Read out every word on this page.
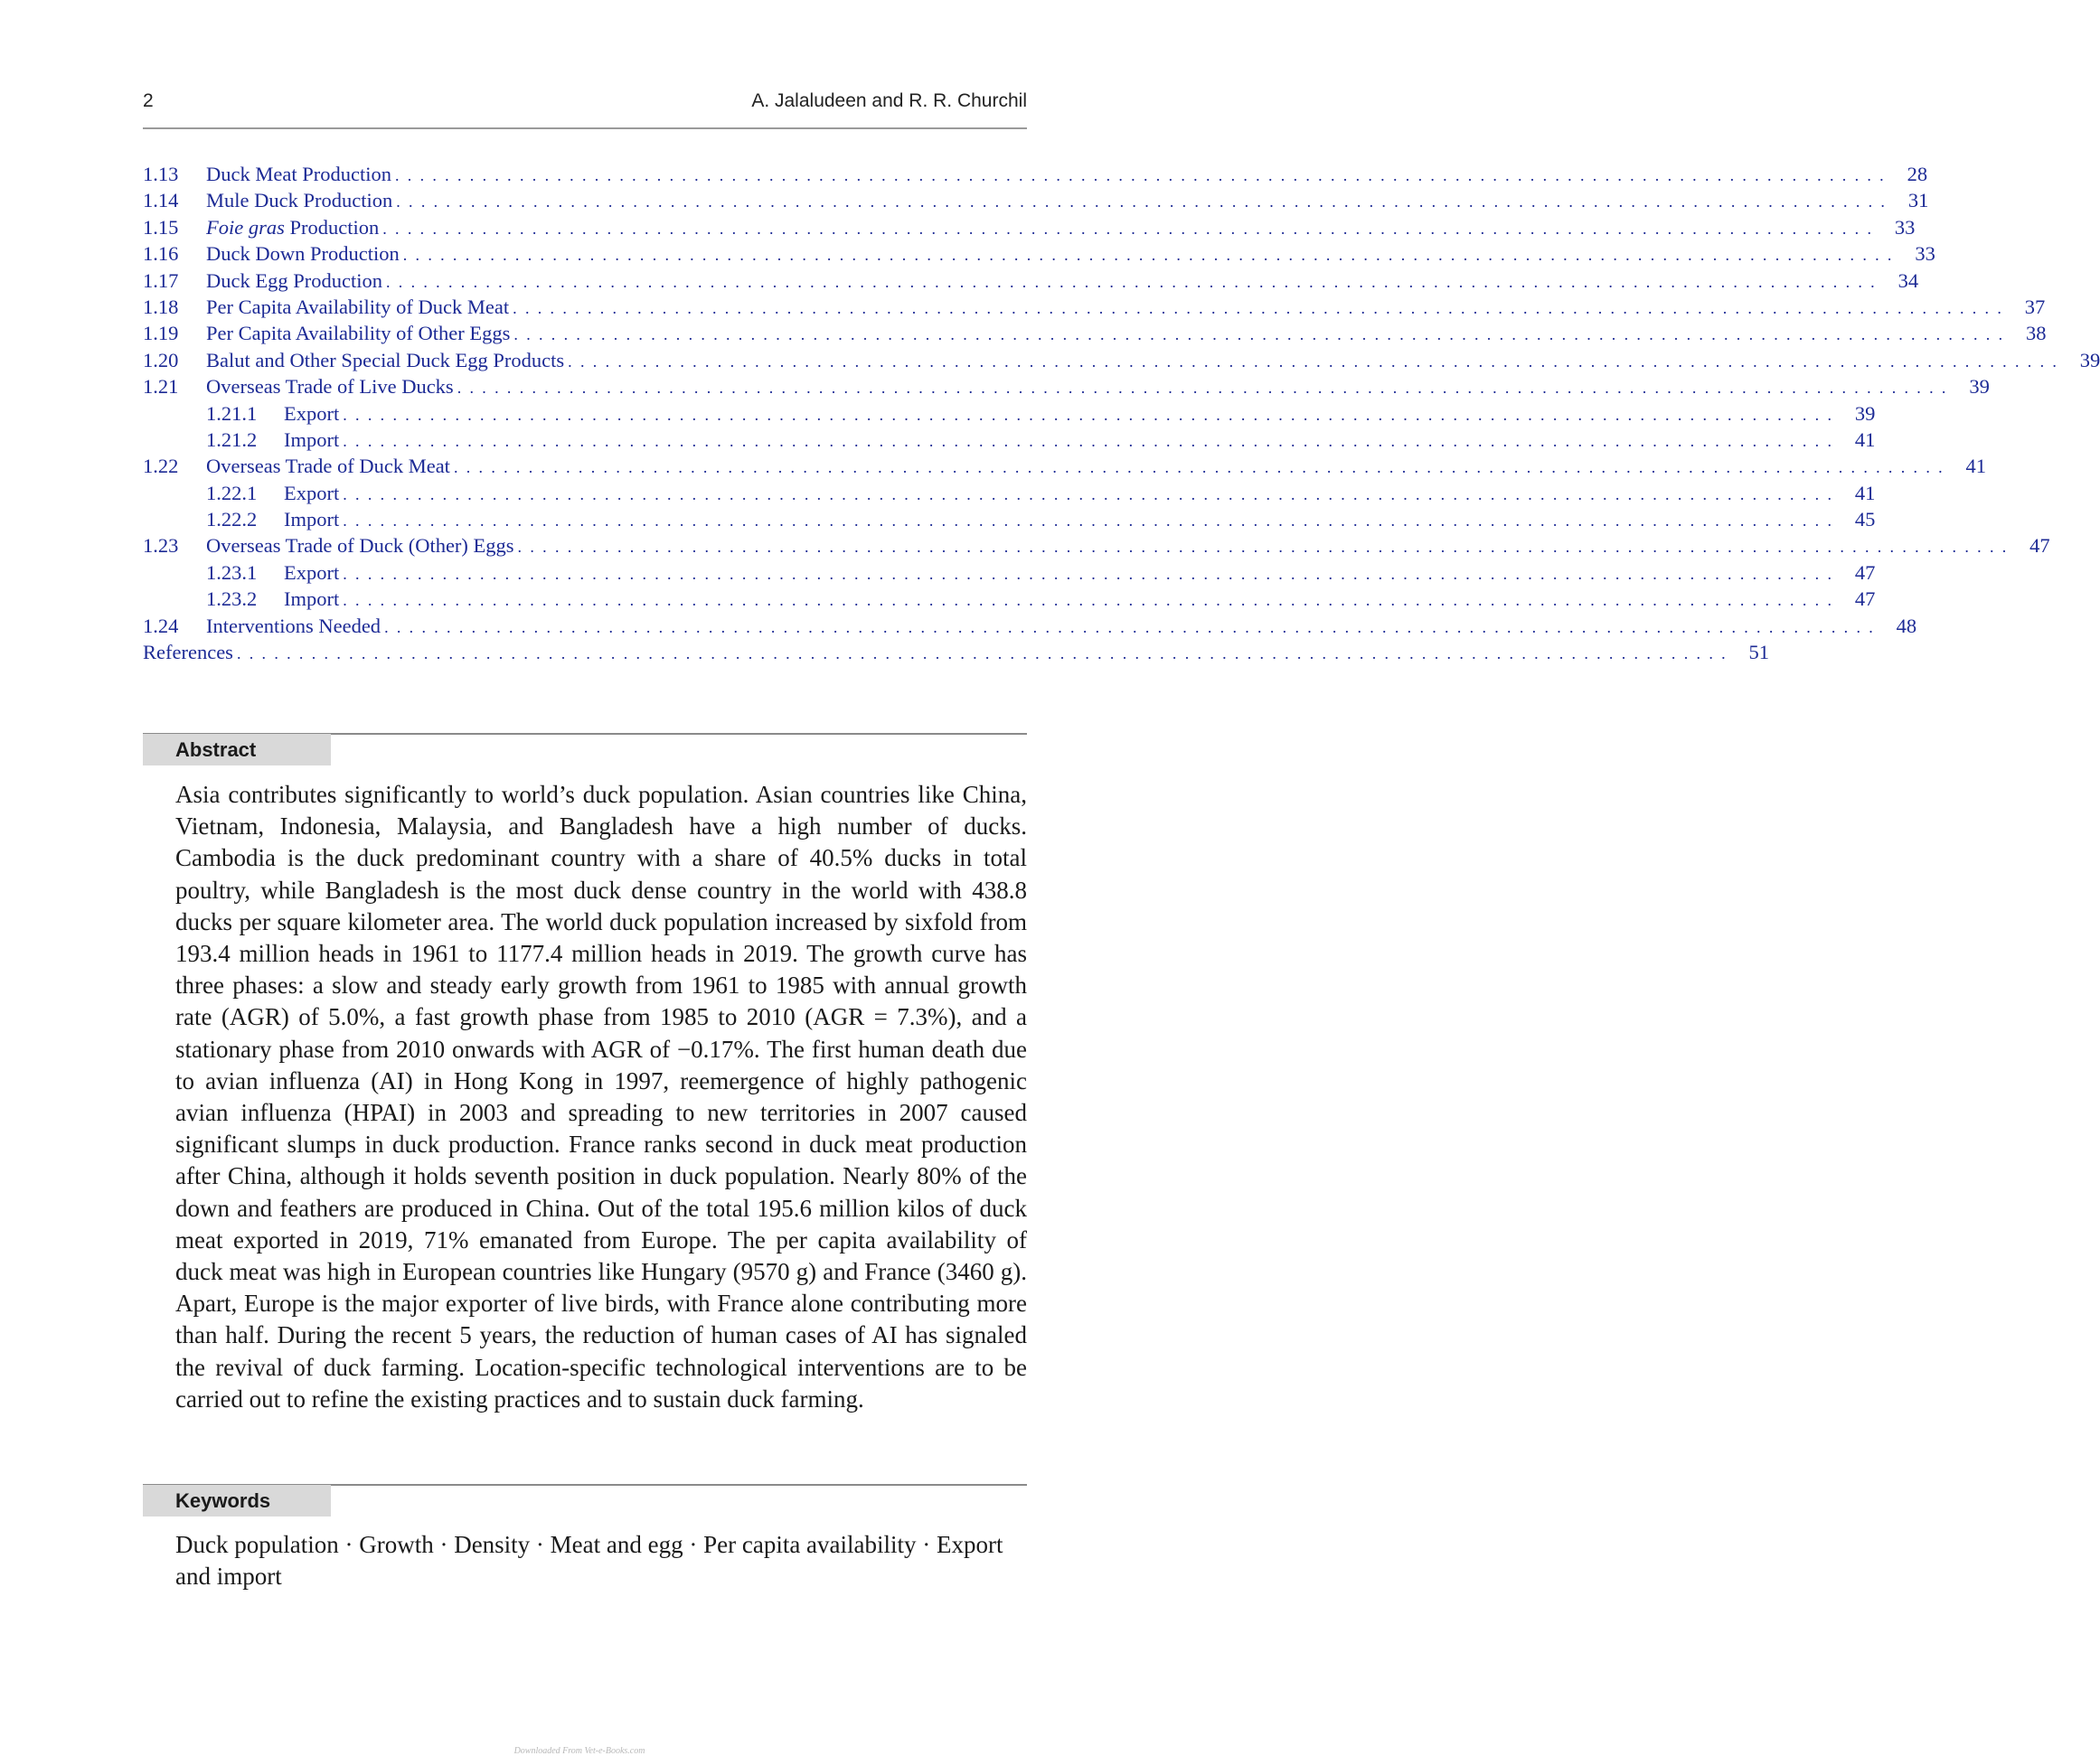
2	A. Jalaludeen and R. R. Churchil
1.13	Duck Meat Production . . . . . . . . . . . . . . . . . . . . . . . . . . . . . . . . . . . . . . . . . . . . . . . . . . . . . . . . . . . . . . . . . . . . . . . . . . . . . . . . . . . . . . . . . . . . . . . . . . . . . . . . . . . . . . . . . . . . . . . .	28
1.14	Mule Duck Production . . . . . . . . . . . . . . . . . . . . . . . . . . . . . . . . . . . . . . . . . . . . . . . . . . . . . . . . . . . . . . . . . . . . . . . . . . . . . . . . . . . . . . . . . . . . . . . . . . . . . . . . . . . . . . . . . . . . . . . .	31
1.15	Foie gras Production . . . . . . . . . . . . . . . . . . . . . . . . . . . . . . . . . . . . . . . . . . . . . . . . . . . . . . . . . . . . . . . . . . . . . . . . . . . . . . . . . . . . . . . . . . . . . . . . . . . . . . . . . . . . . . . . . . . . . . . .	33
1.16	Duck Down Production . . . . . . . . . . . . . . . . . . . . . . . . . . . . . . . . . . . . . . . . . . . . . . . . . . . . . . . . . . . . . . . . . . . . . . . . . . . . . . . . . . . . . . . . . . . . . . . . . . . . . . . . . . . . . . . . . . . . . . . .	33
1.17	Duck Egg Production . . . . . . . . . . . . . . . . . . . . . . . . . . . . . . . . . . . . . . . . . . . . . . . . . . . . . . . . . . . . . . . . . . . . . . . . . . . . . . . . . . . . . . . . . . . . . . . . . . . . . . . . . . . . . . . . . . . . . . . .	34
1.18	Per Capita Availability of Duck Meat . . . . . . . . . . . . . . . . . . . . . . . . . . . . . . . . . . . . . . . . . . . . . . . . . . . . . . . . . . . . . . . . . . . . . . . . . . . . . . . . . . . . . . . . . . . . . . . . . . . . . . . . . . . . . . . . . . . . . . . .	37
1.19	Per Capita Availability of Other Eggs . . . . . . . . . . . . . . . . . . . . . . . . . . . . . . . . . . . . . . . . . . . . . . . . . . . . . . . . . . . . . . . . . . . . . . . . . . . . . . . . . . . . . . . . . . . . . . . . . . . . . . . . . . . . . . . . . . . . . . . .	38
1.20	Balut and Other Special Duck Egg Products . . . . . . . . . . . . . . . . . . . . . . . . . . . . . . . . . . . . . . . . . . . . . . . . . . . . . . . . . . . . . . . . . . . . . . . . . . . . . . . . . . . . . . . . . . . . . . . . . . . . . . . . . . . . . . . . . . . . . . . .	39
1.21	Overseas Trade of Live Ducks . . . . . . . . . . . . . . . . . . . . . . . . . . . . . . . . . . . . . . . . . . . . . . . . . . . . . . . . . . . . . . . . . . . . . . . . . . . . . . . . . . . . . . . . . . . . . . . . . . . . . . . . . . . . . . . . . . . . . . . .	39
1.21.1	Export . . . . . . . . . . . . . . . . . . . . . . . . . . . . . . . . . . . . . . . . . . . . . . . . . . . . . . . . . . . . . . . . . . . . . . . . . . . . . . . . . . . . . . . . . . . . . . . . . . . . . . . . . . . . . . . . . . . . . . . .	39
1.21.2	Import . . . . . . . . . . . . . . . . . . . . . . . . . . . . . . . . . . . . . . . . . . . . . . . . . . . . . . . . . . . . . . . . . . . . . . . . . . . . . . . . . . . . . . . . . . . . . . . . . . . . . . . . . . . . . . . . . . . . . . . .	41
1.22	Overseas Trade of Duck Meat . . . . . . . . . . . . . . . . . . . . . . . . . . . . . . . . . . . . . . . . . . . . . . . . . . . . . . . . . . . . . . . . . . . . . . . . . . . . . . . . . . . . . . . . . . . . . . . . . . . . . . . . . . . . . . . . . . . . . . . .	41
1.22.1	Export . . . . . . . . . . . . . . . . . . . . . . . . . . . . . . . . . . . . . . . . . . . . . . . . . . . . . . . . . . . . . . . . . . . . . . . . . . . . . . . . . . . . . . . . . . . . . . . . . . . . . . . . . . . . . . . . . . . . . . . .	41
1.22.2	Import . . . . . . . . . . . . . . . . . . . . . . . . . . . . . . . . . . . . . . . . . . . . . . . . . . . . . . . . . . . . . . . . . . . . . . . . . . . . . . . . . . . . . . . . . . . . . . . . . . . . . . . . . . . . . . . . . . . . . . . .	45
1.23	Overseas Trade of Duck (Other) Eggs . . . . . . . . . . . . . . . . . . . . . . . . . . . . . . . . . . . . . . . . . . . . . . . . . . . . . . . . . . . . . . . . . . . . . . . . . . . . . . . . . . . . . . . . . . . . . . . . . . . . . . . . . . . . . . . . . . . . . . . .	47
1.23.1	Export . . . . . . . . . . . . . . . . . . . . . . . . . . . . . . . . . . . . . . . . . . . . . . . . . . . . . . . . . . . . . . . . . . . . . . . . . . . . . . . . . . . . . . . . . . . . . . . . . . . . . . . . . . . . . . . . . . . . . . . .	47
1.23.2	Import . . . . . . . . . . . . . . . . . . . . . . . . . . . . . . . . . . . . . . . . . . . . . . . . . . . . . . . . . . . . . . . . . . . . . . . . . . . . . . . . . . . . . . . . . . . . . . . . . . . . . . . . . . . . . . . . . . . . . . . .	47
1.24	Interventions Needed . . . . . . . . . . . . . . . . . . . . . . . . . . . . . . . . . . . . . . . . . . . . . . . . . . . . . . . . . . . . . . . . . . . . . . . . . . . . . . . . . . . . . . . . . . . . . . . . . . . . . . . . . . . . . . . . . . . . . . . .	48
References . . . . . . . . . . . . . . . . . . . . . . . . . . . . . . . . . . . . . . . . . . . . . . . . . . . . . . . . . . . . . . . . . . . . . . . . . . . . . . . . . . . . . . . . . . . . . . . . . . . . . . . . . . . . . . . . . . . . . . . .	51
Abstract
Asia contributes significantly to world’s duck population. Asian countries like China, Vietnam, Indonesia, Malaysia, and Bangladesh have a high number of ducks. Cambodia is the duck predominant country with a share of 40.5% ducks in total poultry, while Bangladesh is the most duck dense country in the world with 438.8 ducks per square kilometer area. The world duck population increased by sixfold from 193.4 million heads in 1961 to 1177.4 million heads in 2019. The growth curve has three phases: a slow and steady early growth from 1961 to 1985 with annual growth rate (AGR) of 5.0%, a fast growth phase from 1985 to 2010 (AGR = 7.3%), and a stationary phase from 2010 onwards with AGR of −0.17%. The first human death due to avian influenza (AI) in Hong Kong in 1997, reemergence of highly pathogenic avian influenza (HPAI) in 2003 and spreading to new territories in 2007 caused significant slumps in duck production. France ranks second in duck meat production after China, although it holds seventh position in duck population. Nearly 80% of the down and feathers are produced in China. Out of the total 195.6 million kilos of duck meat exported in 2019, 71% emanated from Europe. The per capita availability of duck meat was high in European countries like Hungary (9570 g) and France (3460 g). Apart, Europe is the major exporter of live birds, with France alone contributing more than half. During the recent 5 years, the reduction of human cases of AI has signaled the revival of duck farming. Location-specific technological interventions are to be carried out to refine the existing practices and to sustain duck farming.
Keywords
Duck population · Growth · Density · Meat and egg · Per capita availability · Export and import
Downloaded From Vet-e-Books.com
